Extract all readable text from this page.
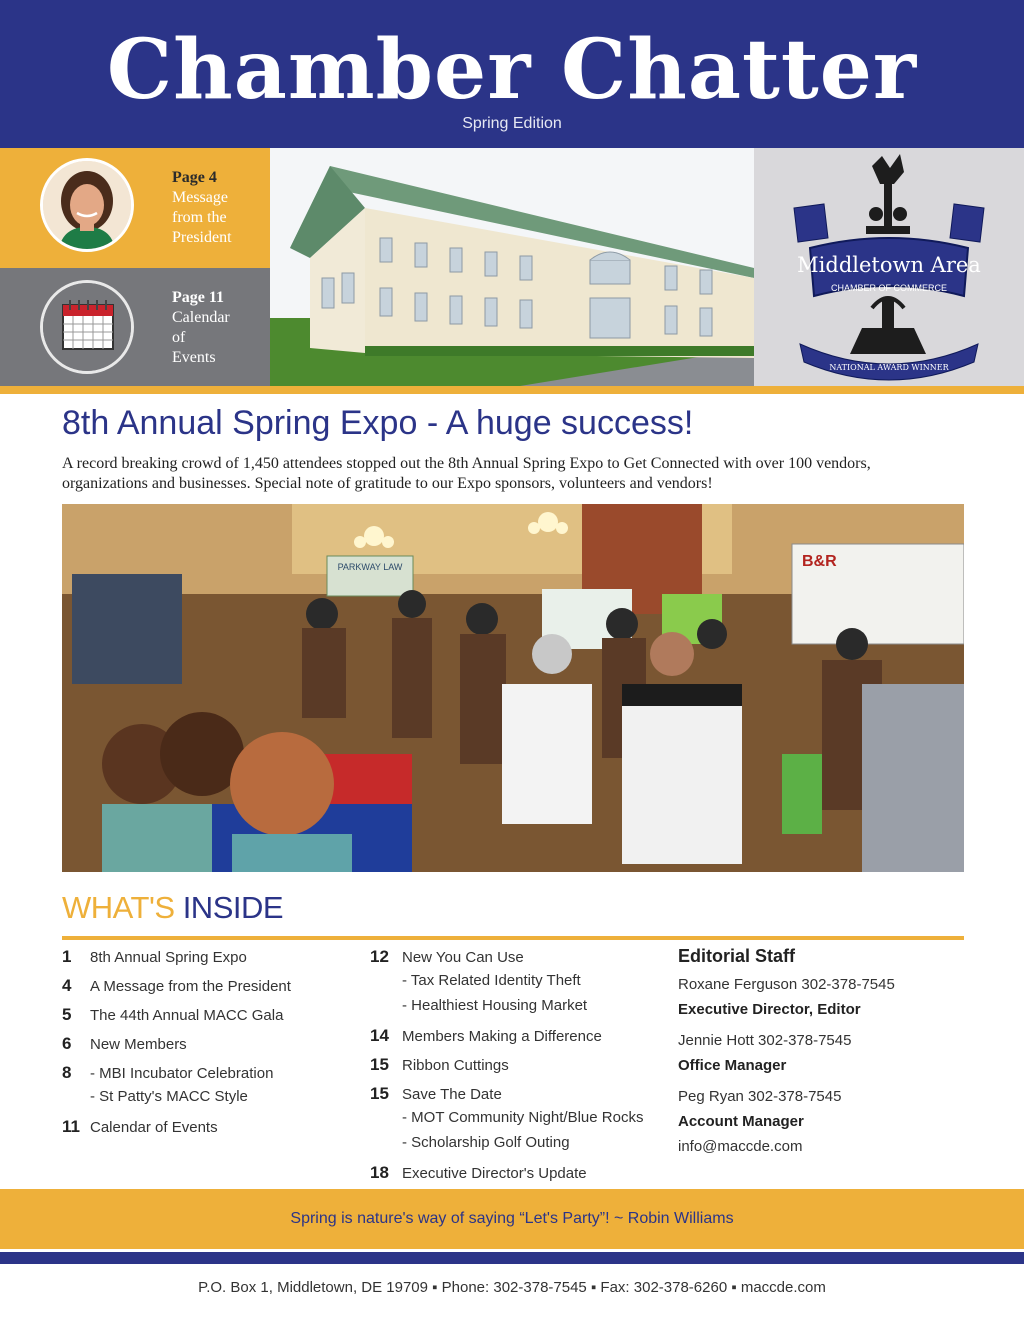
Chamber Chatter
Spring Edition
Page 4
Message
from the
President
Page 11
Calendar
of
Events
Middletown Area
CHAMBER OF COMMERCE
NATIONAL AWARD WINNER
8th Annual Spring Expo - A huge success!
A record breaking crowd of 1,450 attendees stopped out the 8th Annual Spring Expo to Get Connected with over 100 vendors,
organizations and businesses. Special note of gratitude to our Expo sponsors, volunteers and vendors!
PARKWAY LAW	B&R
WHAT'S INSIDE
1 8th Annual Spring Expo
4 A Message from the President
5 The 44th Annual MACC Gala
6 New Members
8 - MBI Incubator Celebration
- St Patty's MACC Style
11 Calendar of Events
12 New You Can Use
- Tax Related Identity Theft
- Healthiest Housing Market
14 Members Making a Difference
15 Ribbon Cuttings
15 Save The Date
- MOT Community Night/Blue Rocks
- Scholarship Golf Outing
18 Executive Director's Update
Editorial Staff
Roxane Ferguson 302-378-7545
Executive Director, Editor
Jennie Hott 302-378-7545
Office Manager
Peg Ryan 302-378-7545
Account Manager
info@maccde.com
Spring is nature's way of saying “Let's Party”! ~ Robin Williams
P.O. Box 1, Middletown, DE 19709 ▪ Phone: 302-378-7545 ▪ Fax: 302-378-6260 ▪ maccde.com
